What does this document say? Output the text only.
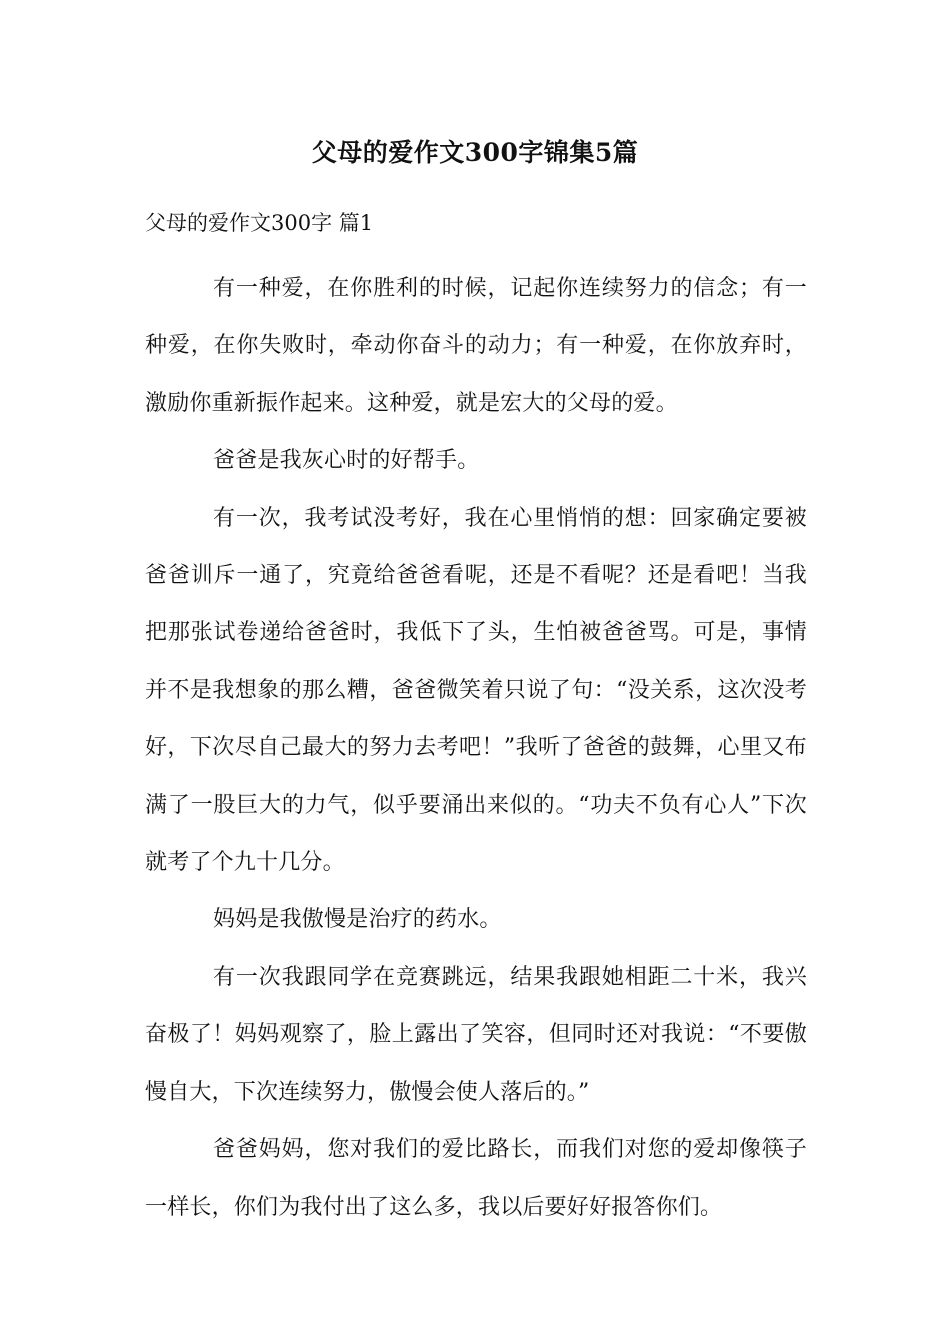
父母的爱作文300字锦集5篇
父母的爱作文300字 篇1

有一种爱，在你胜利的时候，记起你连续努力的信念；有一种爱，在你失败时，牵动你奋斗的动力；有一种爱，在你放弃时，激励你重新振作起来。这种爱，就是宏大的父母的爱。

爸爸是我灰心时的好帮手。

有一次，我考试没考好，我在心里悄悄的想：回家确定要被爸爸训斥一通了，究竟给爸爸看呢，还是不看呢？还是看吧！当我把那张试卷递给爸爸时，我低下了头，生怕被爸爸骂。可是，事情并不是我想象的那么糟，爸爸微笑着只说了句：“没关系，这次没考好，下次尽自己最大的努力去考吧！”我听了爸爸的鼓舞，心里又布满了一股巨大的力气，似乎要涌出来似的。“功夫不负有心人”下次就考了个九十几分。

妈妈是我傲慢是治疗的药水。

有一次我跟同学在竞赛跳远，结果我跟她相距二十米，我兴奋极了！妈妈观察了，脸上露出了笑容，但同时还对我说：“不要傲慢自大，下次连续努力，傲慢会使人落后的。”

爸爸妈妈，您对我们的爱比路长，而我们对您的爱却像筷子一样长，你们为我付出了这么多，我以后要好好报答你们。
